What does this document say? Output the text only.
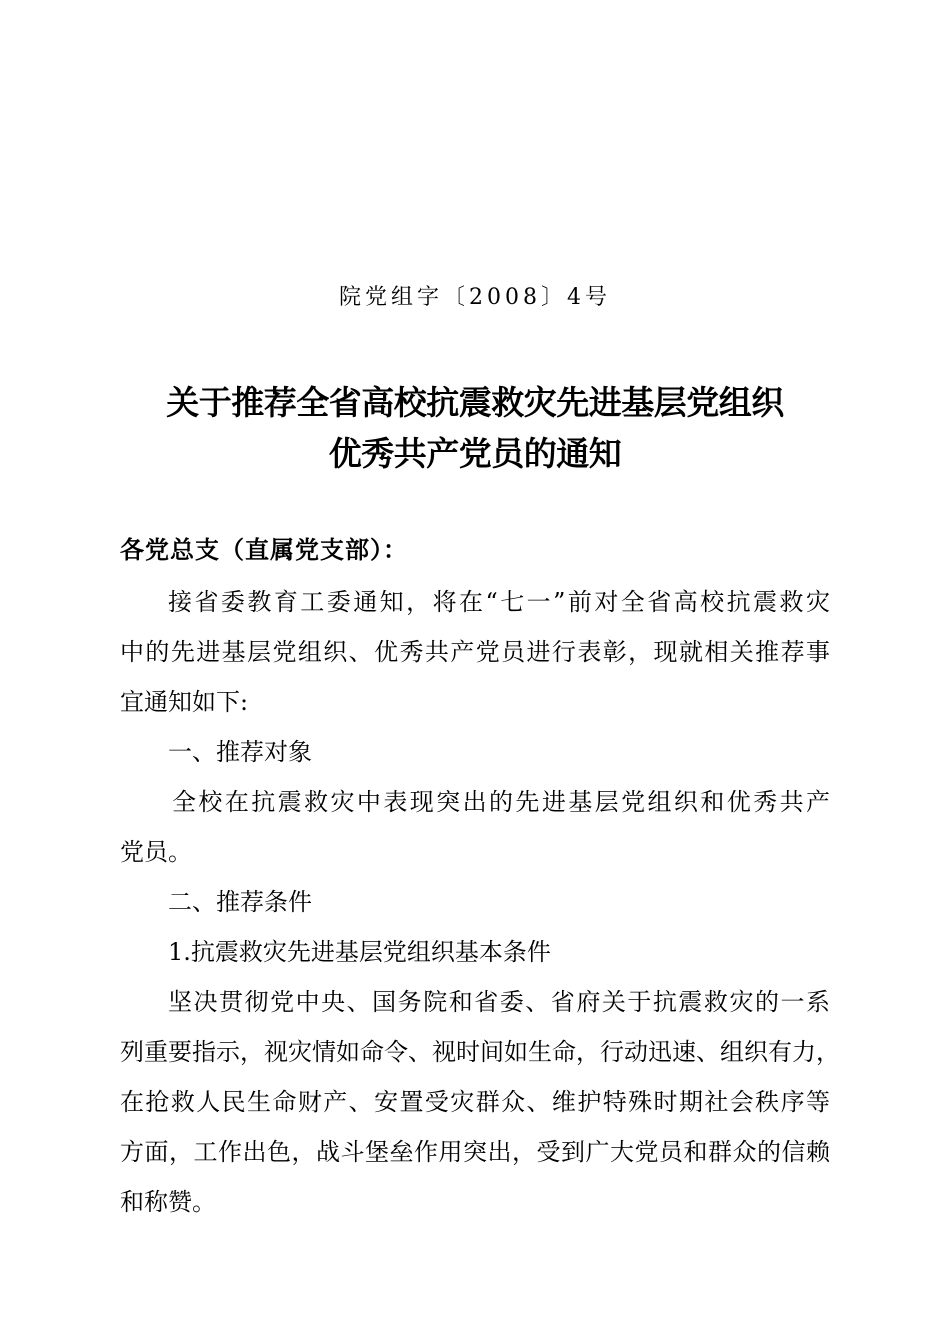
院党组字〔2008〕4号
关于推荐全省高校抗震救灾先进基层党组织
优秀共产党员的通知
各党总支（直属党支部）：
接省委教育工委通知，将在“七一”前对全省高校抗震救灾
中的先进基层党组织、优秀共产党员进行表彰，现就相关推荐事
宜通知如下:
一、推荐对象
全校在抗震救灾中表现突出的先进基层党组织和优秀共产
党员。
二、推荐条件
1.抗震救灾先进基层党组织基本条件
坚决贯彻党中央、国务院和省委、省府关于抗震救灾的一系
列重要指示，视灾情如命令、视时间如生命，行动迅速、组织有力，
在抢救人民生命财产、安置受灾群众、维护特殊时期社会秩序等
方面，工作出色，战斗堡垒作用突出，受到广大党员和群众的信赖
和称赞。
